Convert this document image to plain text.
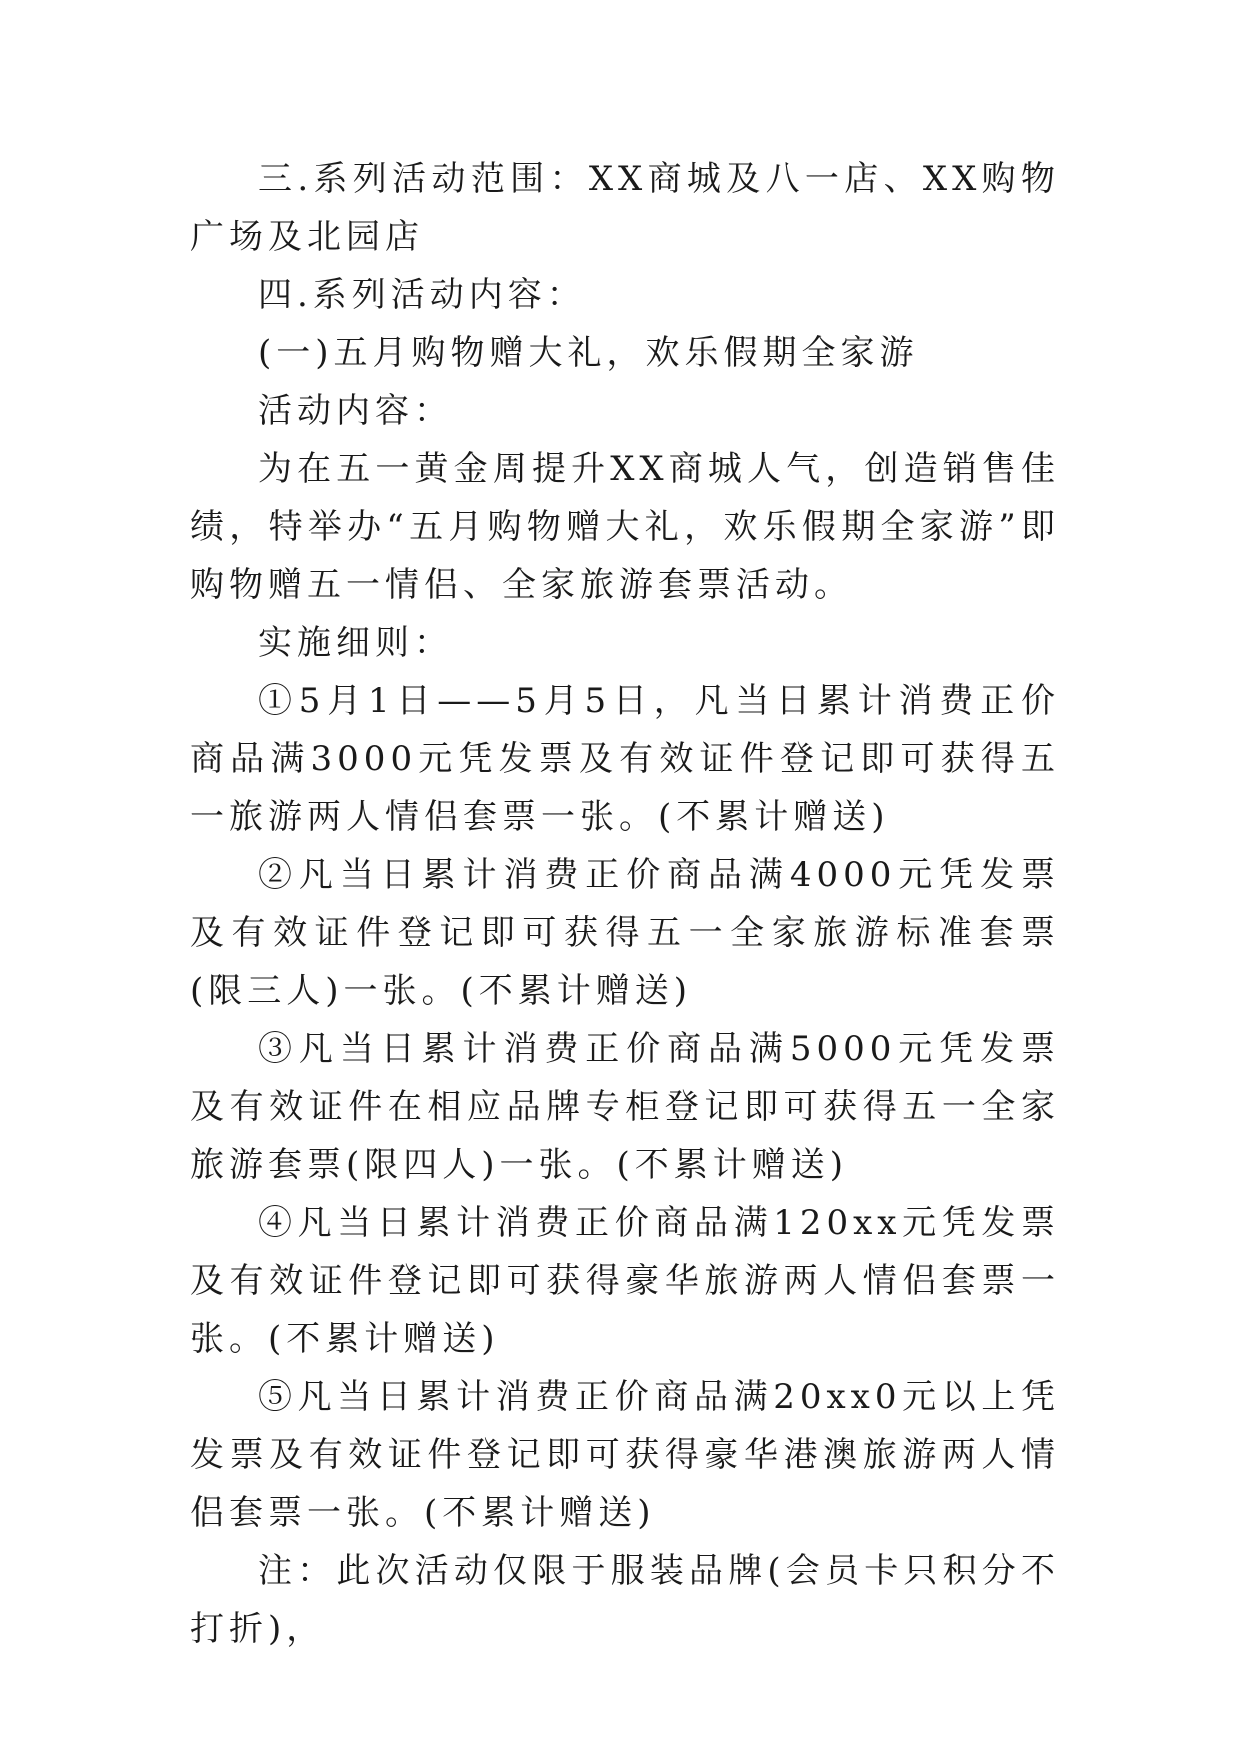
三.系列活动范围：XX商城及八一店、XX购物广场及北园店

四.系列活动内容：

(一)五月购物赠大礼，欢乐假期全家游

活动内容：

为在五一黄金周提升XX商城人气，创造销售佳绩，特举办“五月购物赠大礼，欢乐假期全家游”即购物赠五一情侣、全家旅游套票活动。

实施细则：

①5月1日——5月5日，凡当日累计消费正价商品满3000元凭发票及有效证件登记即可获得五一旅游两人情侣套票一张。(不累计赠送)

②凡当日累计消费正价商品满4000元凭发票及有效证件登记即可获得五一全家旅游标准套票(限三人)一张。(不累计赠送)

③凡当日累计消费正价商品满5000元凭发票及有效证件在相应品牌专柜登记即可获得五一全家旅游套票(限四人)一张。(不累计赠送)

④凡当日累计消费正价商品满120xx元凭发票及有效证件登记即可获得豪华旅游两人情侣套票一张。(不累计赠送)

⑤凡当日累计消费正价商品满20xx0元以上凭发票及有效证件登记即可获得豪华港澳旅游两人情侣套票一张。(不累计赠送)

注：此次活动仅限于服装品牌(会员卡只积分不打折)，
